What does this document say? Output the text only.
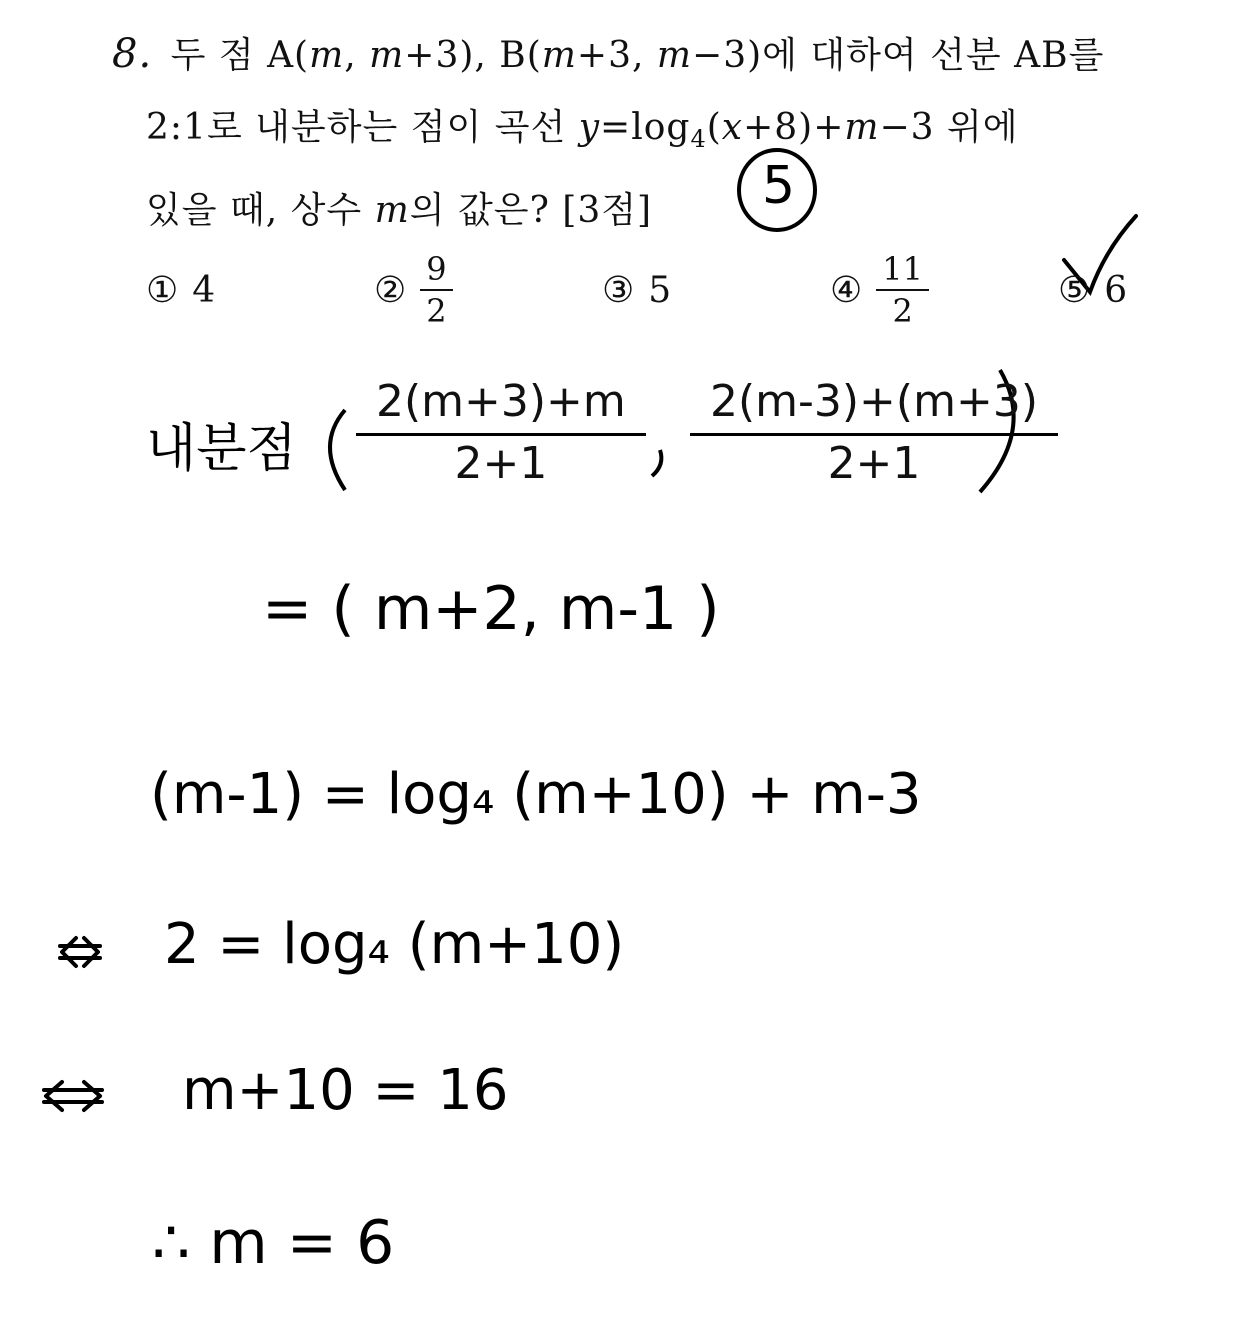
8. 두 점 A(m, m+3), B(m+3, m−3)에 대하여 선분 AB를
2:1로 내분하는 점이 곡선 $y=\log_4(x+8)+m-3$ 위에
있을 때, 상수 m의 값은? [3점]	5
① 4	② $\frac{9}{2}$	③ 5	④ $\frac{11}{2}$	⑤ 6
내분점 $\frac{2(m+3)+m}{2+1} \frac{2(m-3)+(m+3)}{2+1}$
= ( m+2, m-1 )
(m-1) = log₄ (m+10) + m-3
2 = log₄ (m+10)
m+10 = 16
∴ m = 6
